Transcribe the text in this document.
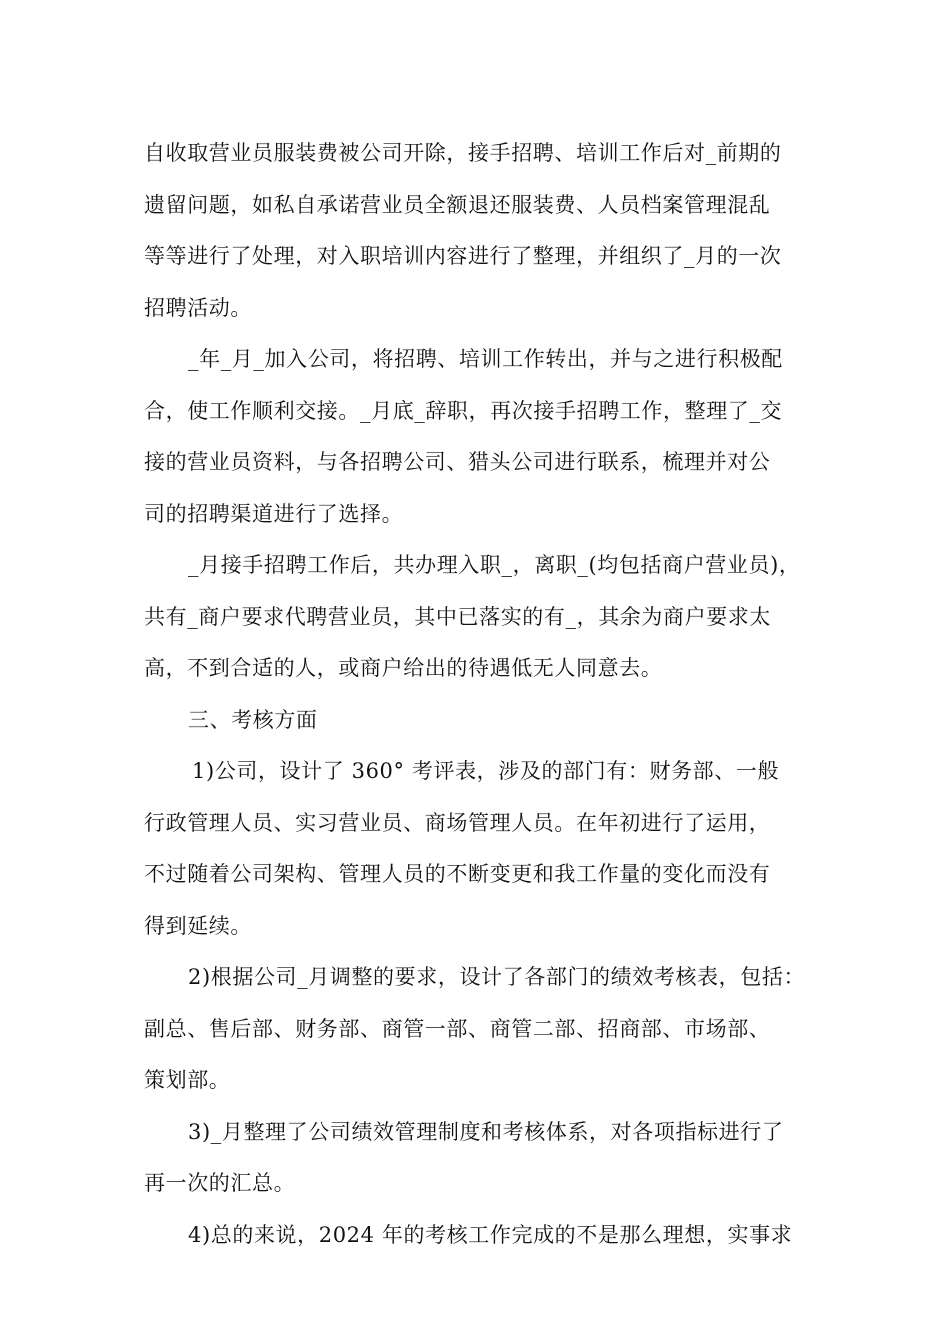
自收取营业员服装费被公司开除，接手招聘、培训工作后对_前期的
遗留问题，如私自承诺营业员全额退还服装费、人员档案管理混乱
等等进行了处理，对入职培训内容进行了整理，并组织了_月的一次
招聘活动。
_年_月_加入公司，将招聘、培训工作转出，并与之进行积极配
合，使工作顺利交接。_月底_辞职，再次接手招聘工作，整理了_交
接的营业员资料，与各招聘公司、猎头公司进行联系，梳理并对公
司的招聘渠道进行了选择。
_月接手招聘工作后，共办理入职_，离职_(均包括商户营业员)，
共有_商户要求代聘营业员，其中已落实的有_，其余为商户要求太
高，不到合适的人，或商户给出的待遇低无人同意去。
三、考核方面
1)公司，设计了 360° 考评表，涉及的部门有：财务部、一般
行政管理人员、实习营业员、商场管理人员。在年初进行了运用，
不过随着公司架构、管理人员的不断变更和我工作量的变化而没有
得到延续。
2)根据公司_月调整的要求，设计了各部门的绩效考核表，包括：
副总、售后部、财务部、商管一部、商管二部、招商部、市场部、
策划部。
3)_月整理了公司绩效管理制度和考核体系，对各项指标进行了
再一次的汇总。
4)总的来说，2024 年的考核工作完成的不是那么理想，实事求
